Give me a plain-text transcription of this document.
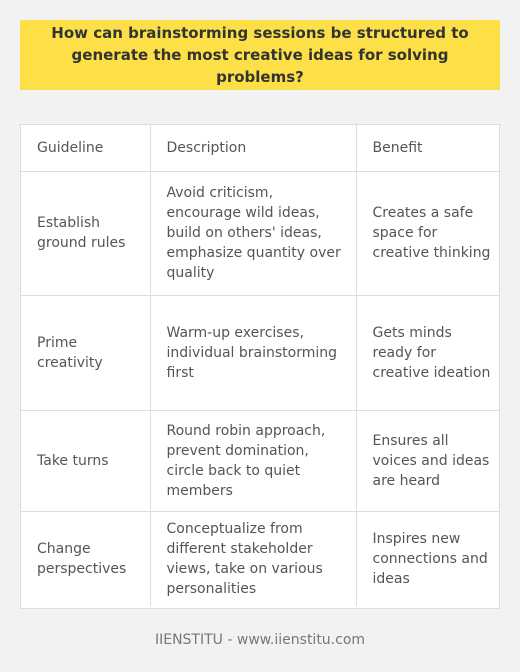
How can brainstorming sessions be structured to generate the most creative ideas for solving problems?
Guideline	Description	Benefit
Establish ground rules	Avoid criticism, encourage wild ideas, build on others' ideas, emphasize quantity over quality	Creates a safe space for creative thinking
Prime creativity	Warm-up exercises, individual brainstorming first	Gets minds ready for creative ideation
Take turns	Round robin approach, prevent domination, circle back to quiet members	Ensures all voices and ideas are heard
Change perspectives	Conceptualize from different stakeholder views, take on various personalities	Inspires new connections and ideas
IIENSTITU - www.iienstitu.com
